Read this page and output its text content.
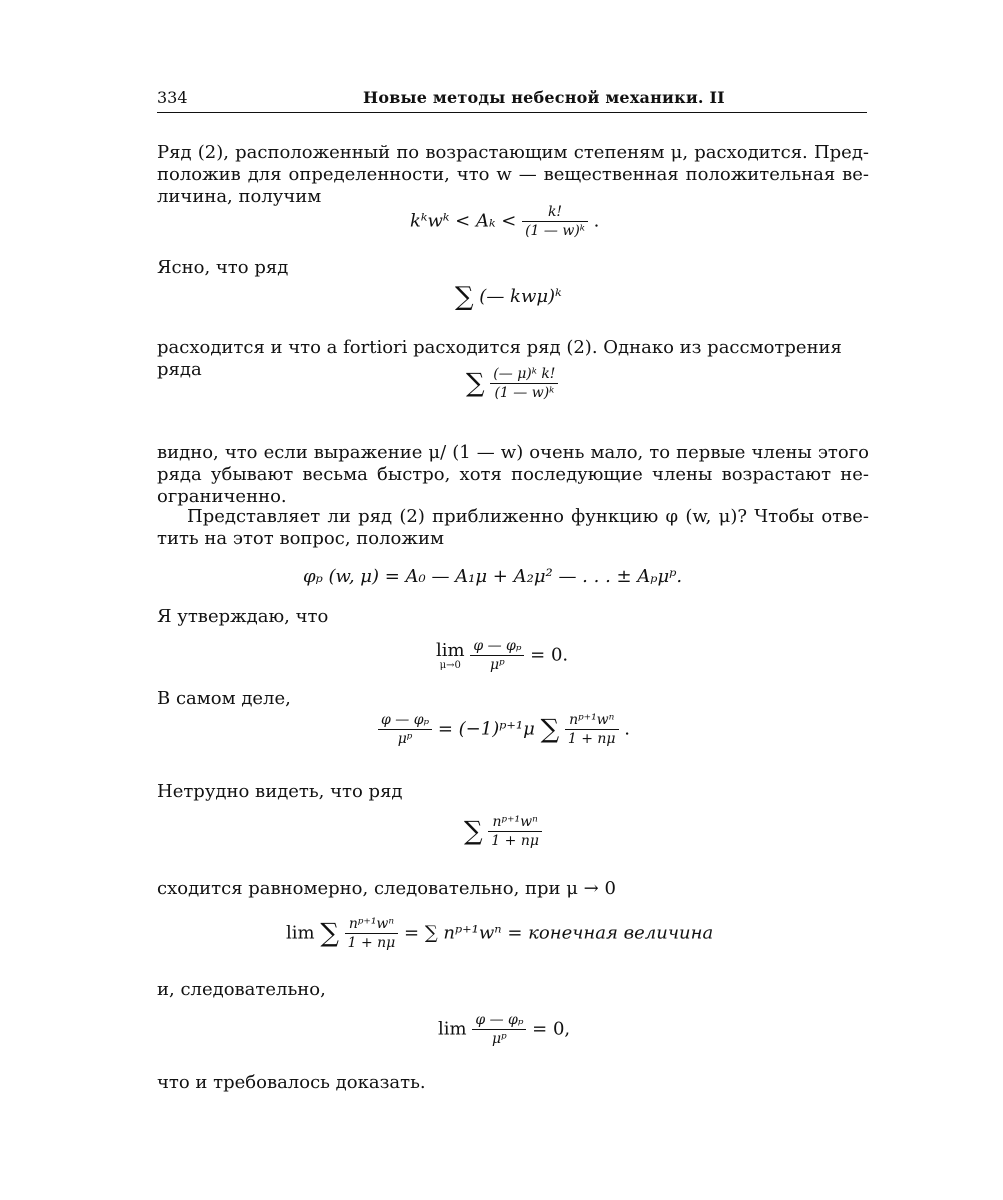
334	Новые методы небесной механики. II
Ряд (2), расположенный по возрастающим степеням μ, расходится. Пред-
положив для определенности, что w — вещественная положительная ве-
личина, получим
kᵏwᵏ < $A_k < \frac{k!}{\text{(1 — w)ᵏ}}$ .
Ясно, что ряд
∑ (— kwμ)ᵏ
расходится и что a fortiori расходится ряд (2). Однако из рассмотрения ряда	∑ $\frac{\text{(— μ)ᵏ k!}}{\text{(1 — w)ᵏ}}$
видно, что если выражение μ/ (1 — w) очень мало, то первые члены этого
ряда убывают весьма быстро, хотя последующие члены возрастают не-
ограниченно.
Представляет ли ряд (2) приближенно функцию φ (w, μ)? Чтобы отве-
тить на этот вопрос, положим
φₚ (w, μ) = A₀ — A₁μ + A₂μ² — . . . ± Aₚμᵖ.
Я утверждаю, что
lim
μ→0
$\frac{\text{φ — φₚ}}{\text{μᵖ}} = 0$.
В самом деле,
$\frac{\text{φ — φₚ}}{\text{μᵖ}}$ = (−1)ᵖ⁺¹μ ∑ $\frac{\text{nᵖ⁺¹wⁿ}}{1 + n\mu}$ .
Нетрудно видеть, что ряд
∑ $\frac{\text{nᵖ⁺¹wⁿ}}{1 + n\mu}$
сходится равномерно, следовательно, при μ → 0
lim ∑ $\frac{\text{nᵖ⁺¹wⁿ}}{1 + n\mu}$ = ∑ nᵖ⁺¹wⁿ = конечная величина
и, следовательно,
$\lim \frac{\text{φ — φₚ}}{\text{μᵖ}} = 0$,
что и требовалось доказать.
